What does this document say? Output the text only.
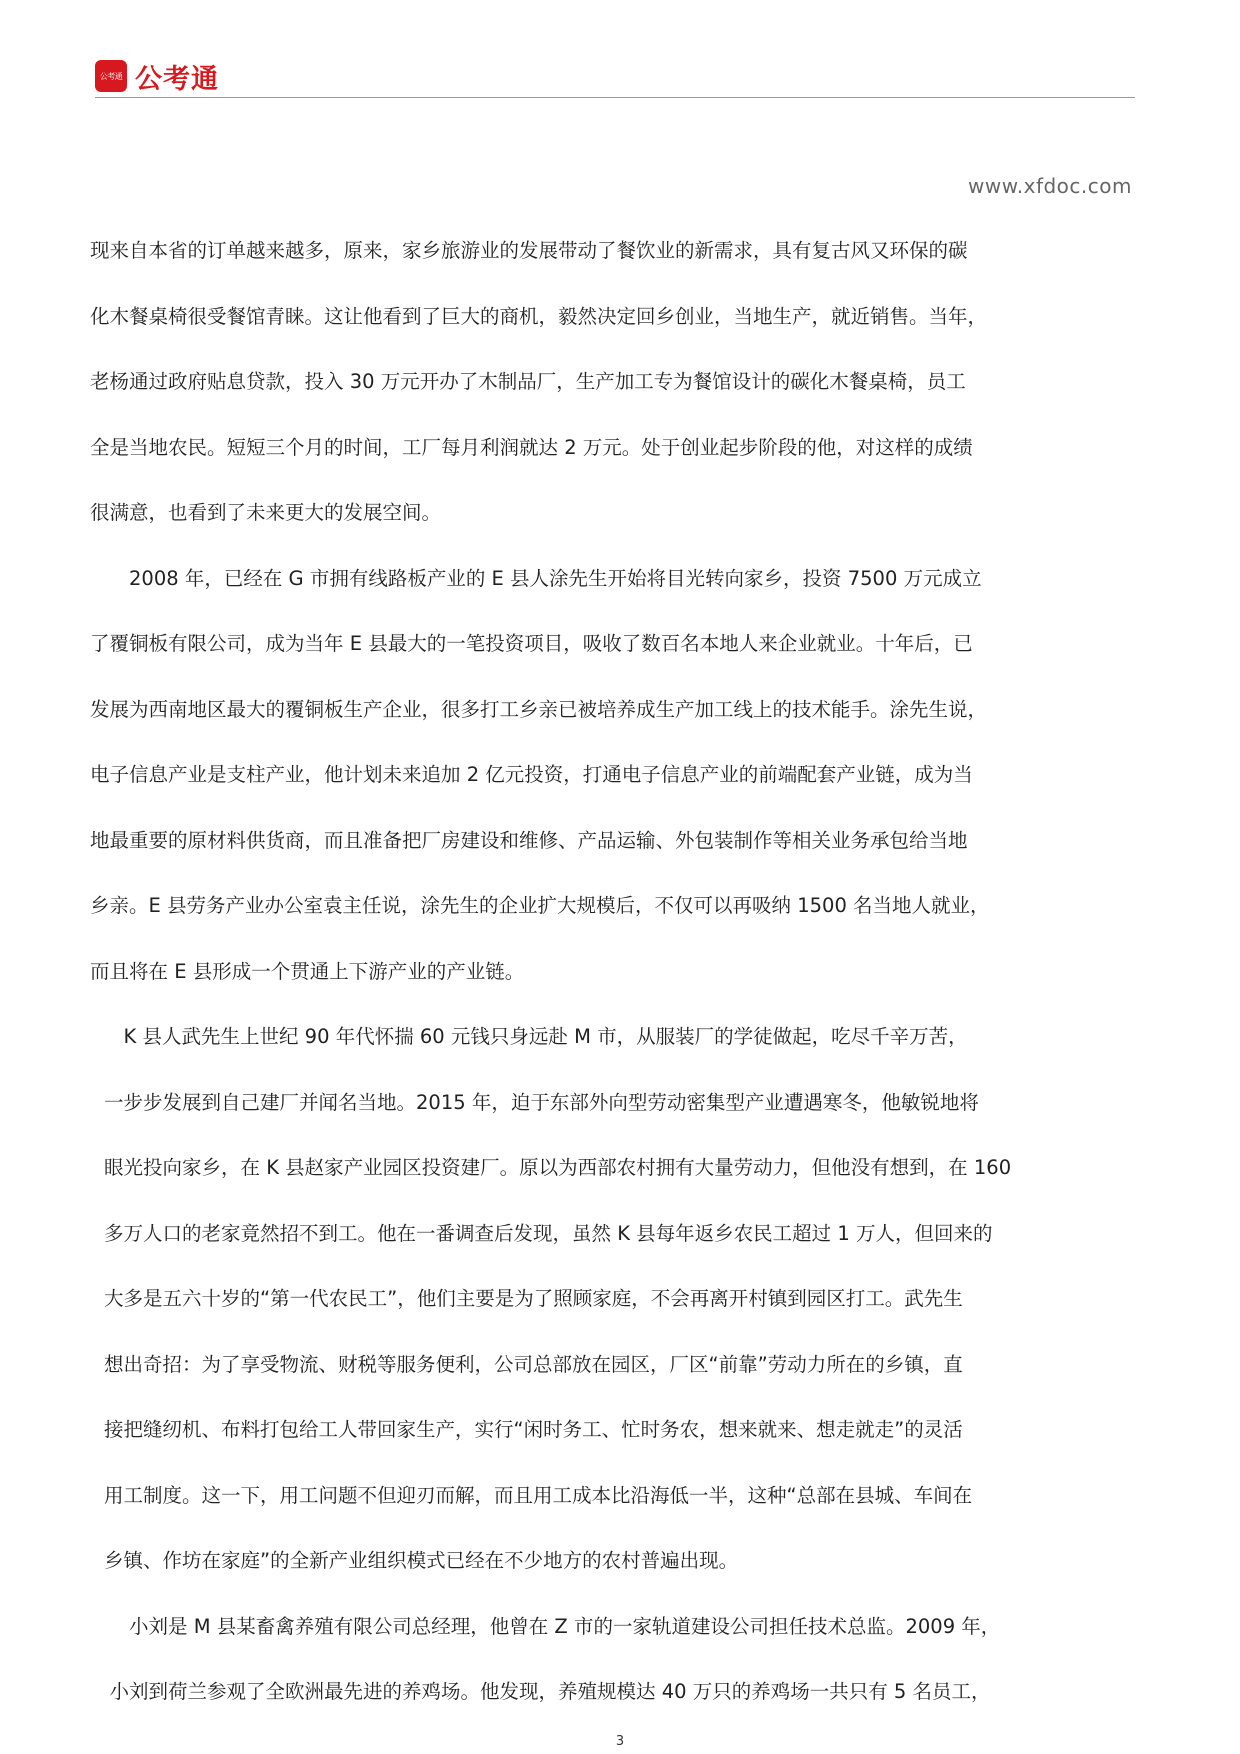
公考通 公考通
www.xfdoc.com
现来自本省的订单越来越多，原来，家乡旅游业的发展带动了餐饮业的新需求，具有复古风又环保的碳
化木餐桌椅很受餐馆青睐。这让他看到了巨大的商机，毅然决定回乡创业，当地生产，就近销售。当年，
老杨通过政府贴息贷款，投入 30 万元开办了木制品厂，生产加工专为餐馆设计的碳化木餐桌椅，员工
全是当地农民。短短三个月的时间，工厂每月利润就达 2 万元。处于创业起步阶段的他，对这样的成绩
很满意，也看到了未来更大的发展空间。
　　2008 年，已经在 G 市拥有线路板产业的 E 县人涂先生开始将目光转向家乡，投资 7500 万元成立
了覆铜板有限公司，成为当年 E 县最大的一笔投资项目，吸收了数百名本地人来企业就业。十年后，已
发展为西南地区最大的覆铜板生产企业，很多打工乡亲已被培养成生产加工线上的技术能手。涂先生说，
电子信息产业是支柱产业，他计划未来追加 2 亿元投资，打通电子信息产业的前端配套产业链，成为当
地最重要的原材料供货商，而且准备把厂房建设和维修、产品运输、外包装制作等相关业务承包给当地
乡亲。E 县劳务产业办公室袁主任说，涂先生的企业扩大规模后，不仅可以再吸纳 1500 名当地人就业，
而且将在 E 县形成一个贯通上下游产业的产业链。
　K 县人武先生上世纪 90 年代怀揣 60 元钱只身远赴 M 市，从服装厂的学徒做起，吃尽千辛万苦，
一步步发展到自己建厂并闻名当地。2015 年，迫于东部外向型劳动密集型产业遭遇寒冬，他敏锐地将
眼光投向家乡，在 K 县赵家产业园区投资建厂。原以为西部农村拥有大量劳动力，但他没有想到，在 160
多万人口的老家竟然招不到工。他在一番调查后发现，虽然 K 县每年返乡农民工超过 1 万人，但回来的
大多是五六十岁的“第一代农民工”，他们主要是为了照顾家庭，不会再离开村镇到园区打工。武先生
想出奇招：为了享受物流、财税等服务便利，公司总部放在园区，厂区“前靠”劳动力所在的乡镇，直
接把缝纫机、布料打包给工人带回家生产，实行“闲时务工、忙时务农，想来就来、想走就走”的灵活
用工制度。这一下，用工问题不但迎刃而解，而且用工成本比沿海低一半，这种“总部在县城、车间在
乡镇、作坊在家庭”的全新产业组织模式已经在不少地方的农村普遍出现。
　　小刘是 M 县某畜禽养殖有限公司总经理，他曾在 Z 市的一家轨道建设公司担任技术总监。2009 年，
　小刘到荷兰参观了全欧洲最先进的养鸡场。他发现，养殖规模达 40 万只的养鸡场一共只有 5 名员工，
3
